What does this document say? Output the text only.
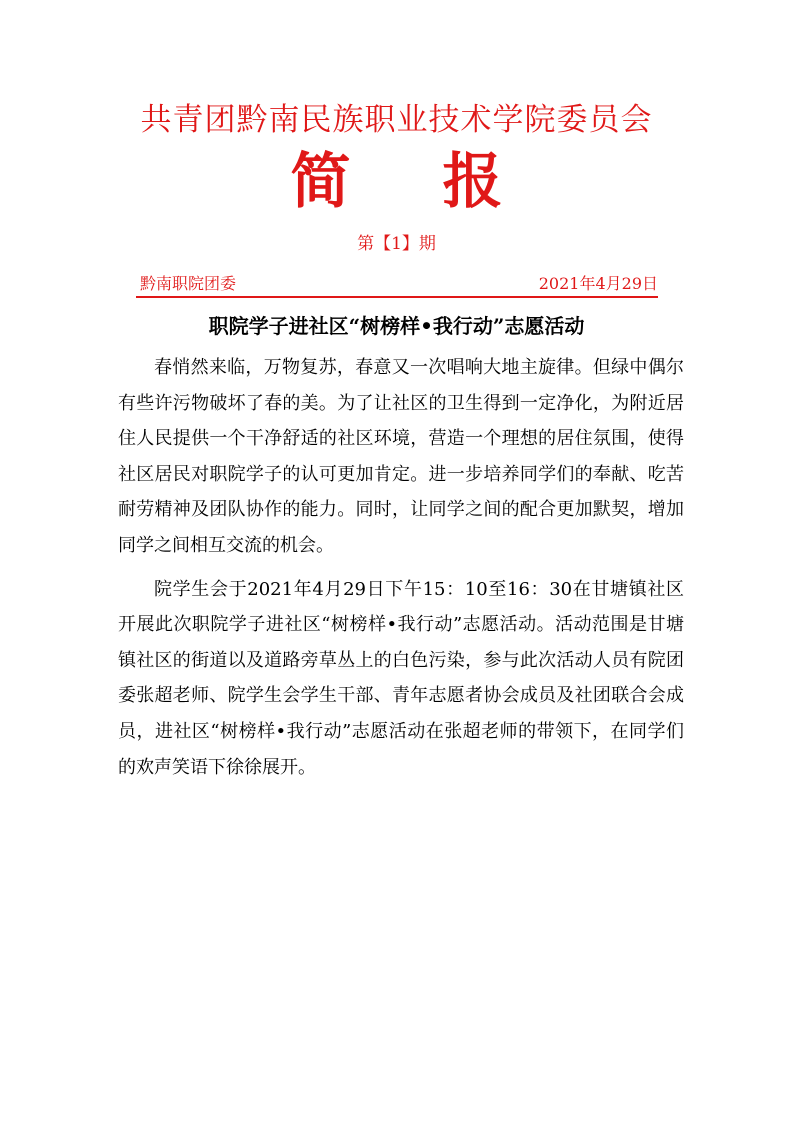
共青团黔南民族职业技术学院委员会
简 报
第【1】期
黔南职院团委	2021年4月29日
职院学子进社区“树榜样•我行动”志愿活动

春悄然来临，万物复苏，春意又一次唱响大地主旋律。但绿中偶尔有些许污物破坏了春的美。为了让社区的卫生得到一定净化，为附近居住人民提供一个干净舒适的社区环境，营造一个理想的居住氛围，使得社区居民对职院学子的认可更加肯定。进一步培养同学们的奉献、吃苦耐劳精神及团队协作的能力。同时，让同学之间的配合更加默契，增加同学之间相互交流的机会。

院学生会于2021年4月29日下午15：10至16：30在甘塘镇社区开展此次职院学子进社区“树榜样•我行动”志愿活动。活动范围是甘塘镇社区的街道以及道路旁草丛上的白色污染，参与此次活动人员有院团委张超老师、院学生会学生干部、青年志愿者协会成员及社团联合会成员，进社区“树榜样•我行动”志愿活动在张超老师的带领下，在同学们的欢声笑语下徐徐展开。
